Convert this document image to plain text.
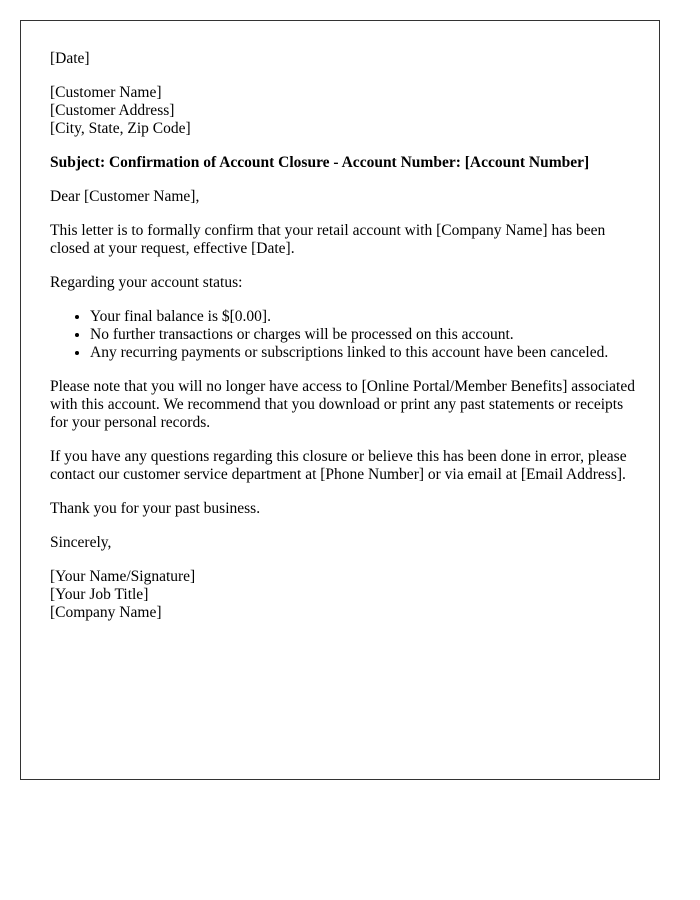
[Date]

[Customer Name]
[Customer Address]
[City, State, Zip Code]

Subject: Confirmation of Account Closure - Account Number: [Account Number]

Dear [Customer Name],

This letter is to formally confirm that your retail account with [Company Name] has been closed at your request, effective [Date].

Regarding your account status:

• Your final balance is $[0.00].
• No further transactions or charges will be processed on this account.
• Any recurring payments or subscriptions linked to this account have been canceled.

Please note that you will no longer have access to [Online Portal/Member Benefits] associated with this account. We recommend that you download or print any past statements or receipts for your personal records.

If you have any questions regarding this closure or believe this has been done in error, please contact our customer service department at [Phone Number] or via email at [Email Address].

Thank you for your past business.

Sincerely,

[Your Name/Signature]
[Your Job Title]
[Company Name]
